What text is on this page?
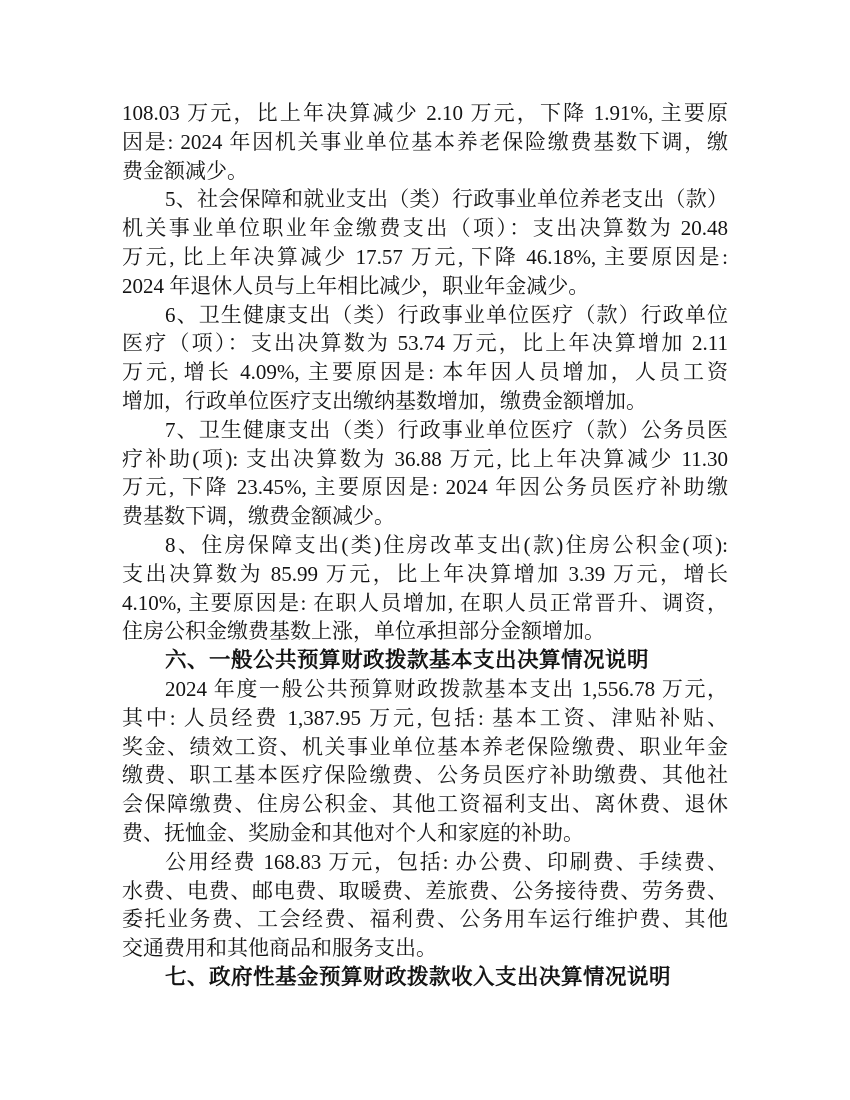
108.03 万元，比上年决算减少 2.10 万元，下降 1.91%, 主要原
因是: 2024 年因机关事业单位基本养老保险缴费基数下调，缴
费金额减少。
5、社会保障和就业支出（类）行政事业单位养老支出（款）
机关事业单位职业年金缴费支出（项）：支出决算数为 20.48
万元, 比上年决算减少 17.57 万元, 下降 46.18%, 主要原因是:
2024 年退休人员与上年相比减少，职业年金减少。
6、卫生健康支出（类）行政事业单位医疗（款）行政单位
医疗（项）：支出决算数为 53.74 万元，比上年决算增加 2.11
万元, 增长 4.09%, 主要原因是: 本年因人员增加，人员工资
增加，行政单位医疗支出缴纳基数增加，缴费金额增加。
7、卫生健康支出（类）行政事业单位医疗（款）公务员医
疗补助(项): 支出决算数为 36.88 万元, 比上年决算减少 11.30
万元, 下降 23.45%, 主要原因是: 2024 年因公务员医疗补助缴
费基数下调，缴费金额减少。
8、住房保障支出(类)住房改革支出(款)住房公积金(项):
支出决算数为 85.99 万元，比上年决算增加 3.39 万元，增长
4.10%, 主要原因是: 在职人员增加, 在职人员正常晋升、调资，
住房公积金缴费基数上涨，单位承担部分金额增加。
六、一般公共预算财政拨款基本支出决算情况说明
2024 年度一般公共预算财政拨款基本支出 1,556.78 万元，
其中: 人员经费 1,387.95 万元, 包括: 基本工资、津贴补贴、
奖金、绩效工资、机关事业单位基本养老保险缴费、职业年金
缴费、职工基本医疗保险缴费、公务员医疗补助缴费、其他社
会保障缴费、住房公积金、其他工资福利支出、离休费、退休
费、抚恤金、奖励金和其他对个人和家庭的补助。
公用经费 168.83 万元，包括: 办公费、印刷费、手续费、
水费、电费、邮电费、取暖费、差旅费、公务接待费、劳务费、
委托业务费、工会经费、福利费、公务用车运行维护费、其他
交通费用和其他商品和服务支出。
七、政府性基金预算财政拨款收入支出决算情况说明
